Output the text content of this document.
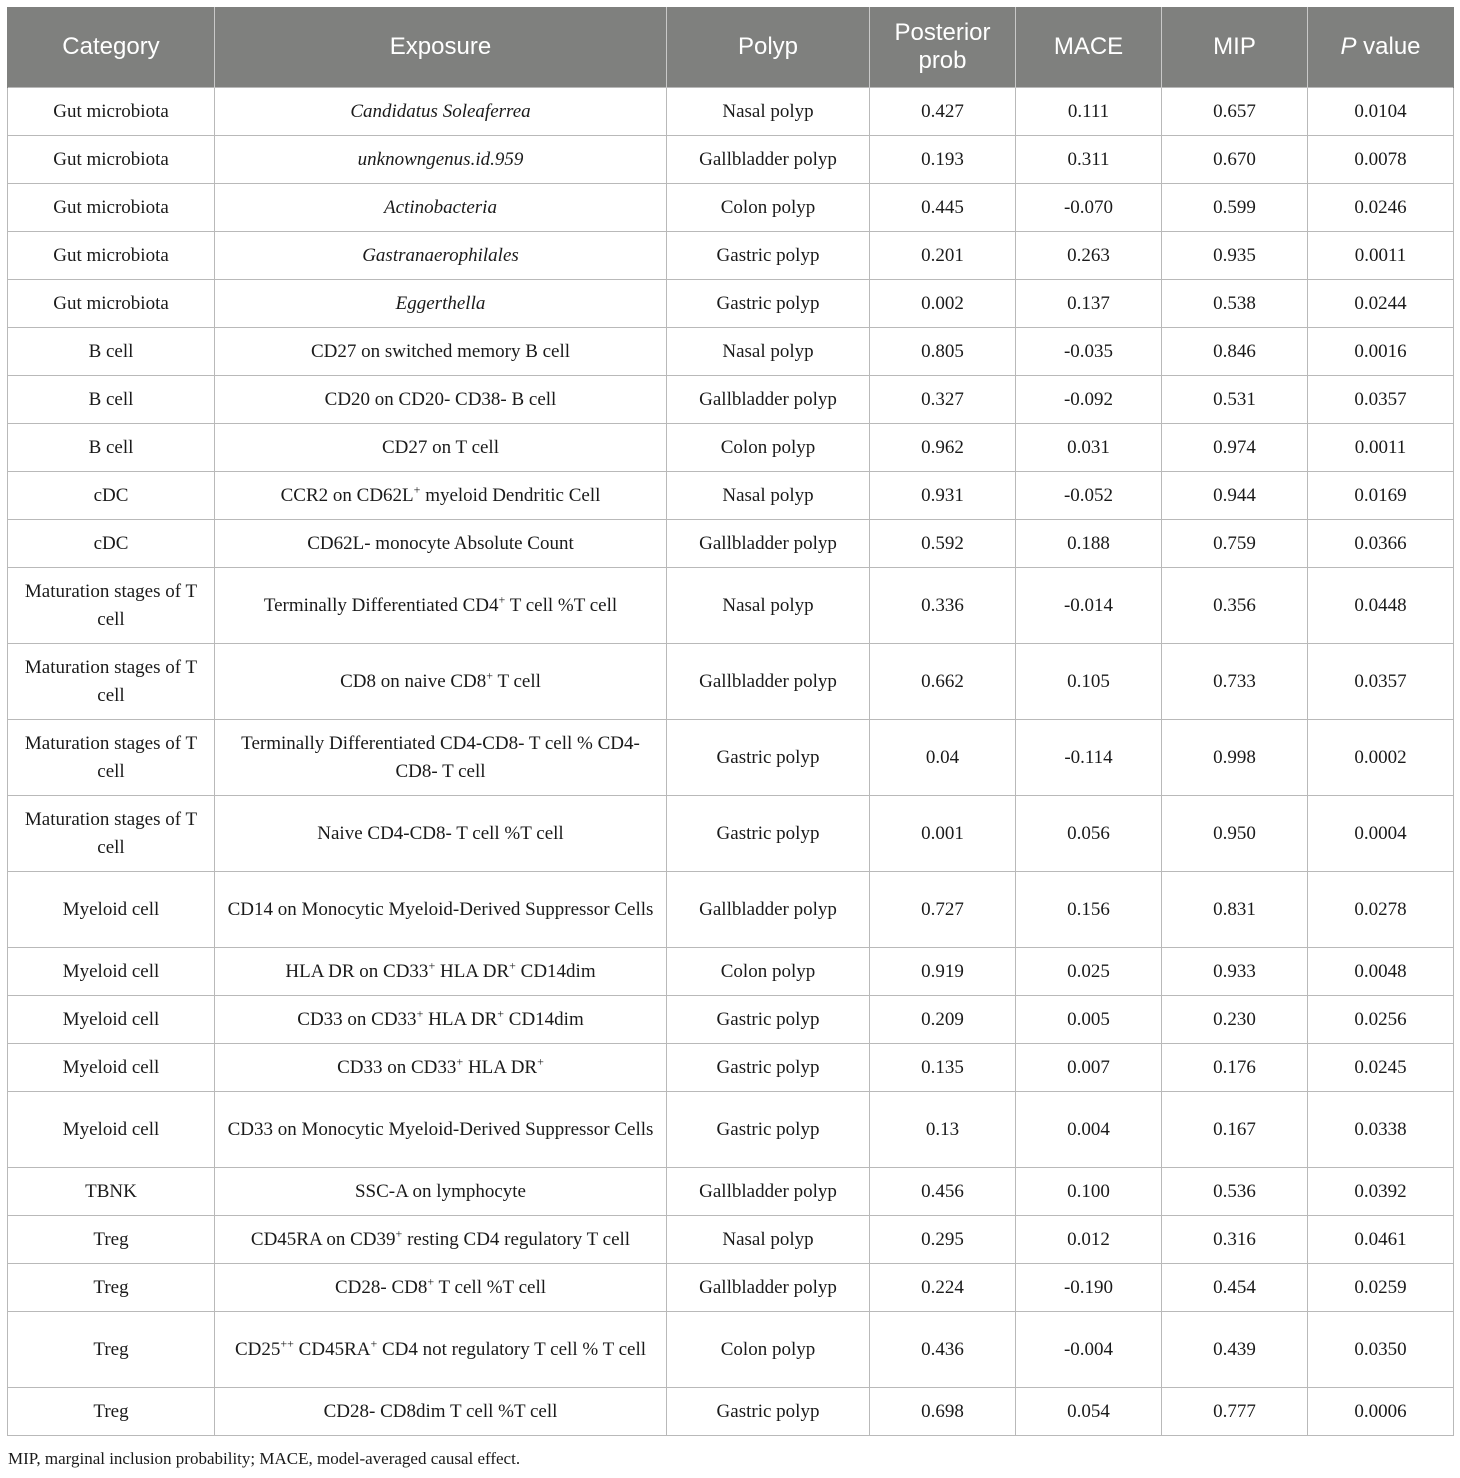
Category	Exposure	Polyp	Posterior prob	MACE	MIP	P value
Gut microbiota	Candidatus Soleaferrea	Nasal polyp	0.427	0.111	0.657	0.0104
Gut microbiota	unknowngenus.id.959	Gallbladder polyp	0.193	0.311	0.670	0.0078
Gut microbiota	Actinobacteria	Colon polyp	0.445	-0.070	0.599	0.0246
Gut microbiota	Gastranaerophilales	Gastric polyp	0.201	0.263	0.935	0.0011
Gut microbiota	Eggerthella	Gastric polyp	0.002	0.137	0.538	0.0244
B cell	CD27 on switched memory B cell	Nasal polyp	0.805	-0.035	0.846	0.0016
B cell	CD20 on CD20- CD38- B cell	Gallbladder polyp	0.327	-0.092	0.531	0.0357
B cell	CD27 on T cell	Colon polyp	0.962	0.031	0.974	0.0011
cDC	CCR2 on CD62L+ myeloid Dendritic Cell	Nasal polyp	0.931	-0.052	0.944	0.0169
cDC	CD62L- monocyte Absolute Count	Gallbladder polyp	0.592	0.188	0.759	0.0366
Maturation stages of T cell	Terminally Differentiated CD4+ T cell %T cell	Nasal polyp	0.336	-0.014	0.356	0.0448
Maturation stages of T cell	CD8 on naive CD8+ T cell	Gallbladder polyp	0.662	0.105	0.733	0.0357
Maturation stages of T cell	Terminally Differentiated CD4-CD8- T cell % CD4-CD8- T cell	Gastric polyp	0.04	-0.114	0.998	0.0002
Maturation stages of T cell	Naive CD4-CD8- T cell %T cell	Gastric polyp	0.001	0.056	0.950	0.0004
Myeloid cell	CD14 on Monocytic Myeloid-Derived Suppressor Cells	Gallbladder polyp	0.727	0.156	0.831	0.0278
Myeloid cell	HLA DR on CD33+ HLA DR+ CD14dim	Colon polyp	0.919	0.025	0.933	0.0048
Myeloid cell	CD33 on CD33+ HLA DR+ CD14dim	Gastric polyp	0.209	0.005	0.230	0.0256
Myeloid cell	CD33 on CD33+ HLA DR+	Gastric polyp	0.135	0.007	0.176	0.0245
Myeloid cell	CD33 on Monocytic Myeloid-Derived Suppressor Cells	Gastric polyp	0.13	0.004	0.167	0.0338
TBNK	SSC-A on lymphocyte	Gallbladder polyp	0.456	0.100	0.536	0.0392
Treg	CD45RA on CD39+ resting CD4 regulatory T cell	Nasal polyp	0.295	0.012	0.316	0.0461
Treg	CD28- CD8+ T cell %T cell	Gallbladder polyp	0.224	-0.190	0.454	0.0259
Treg	CD25++ CD45RA+ CD4 not regulatory T cell % T cell	Colon polyp	0.436	-0.004	0.439	0.0350
Treg	CD28- CD8dim T cell %T cell	Gastric polyp	0.698	0.054	0.777	0.0006
MIP, marginal inclusion probability; MACE, model-averaged causal effect.
